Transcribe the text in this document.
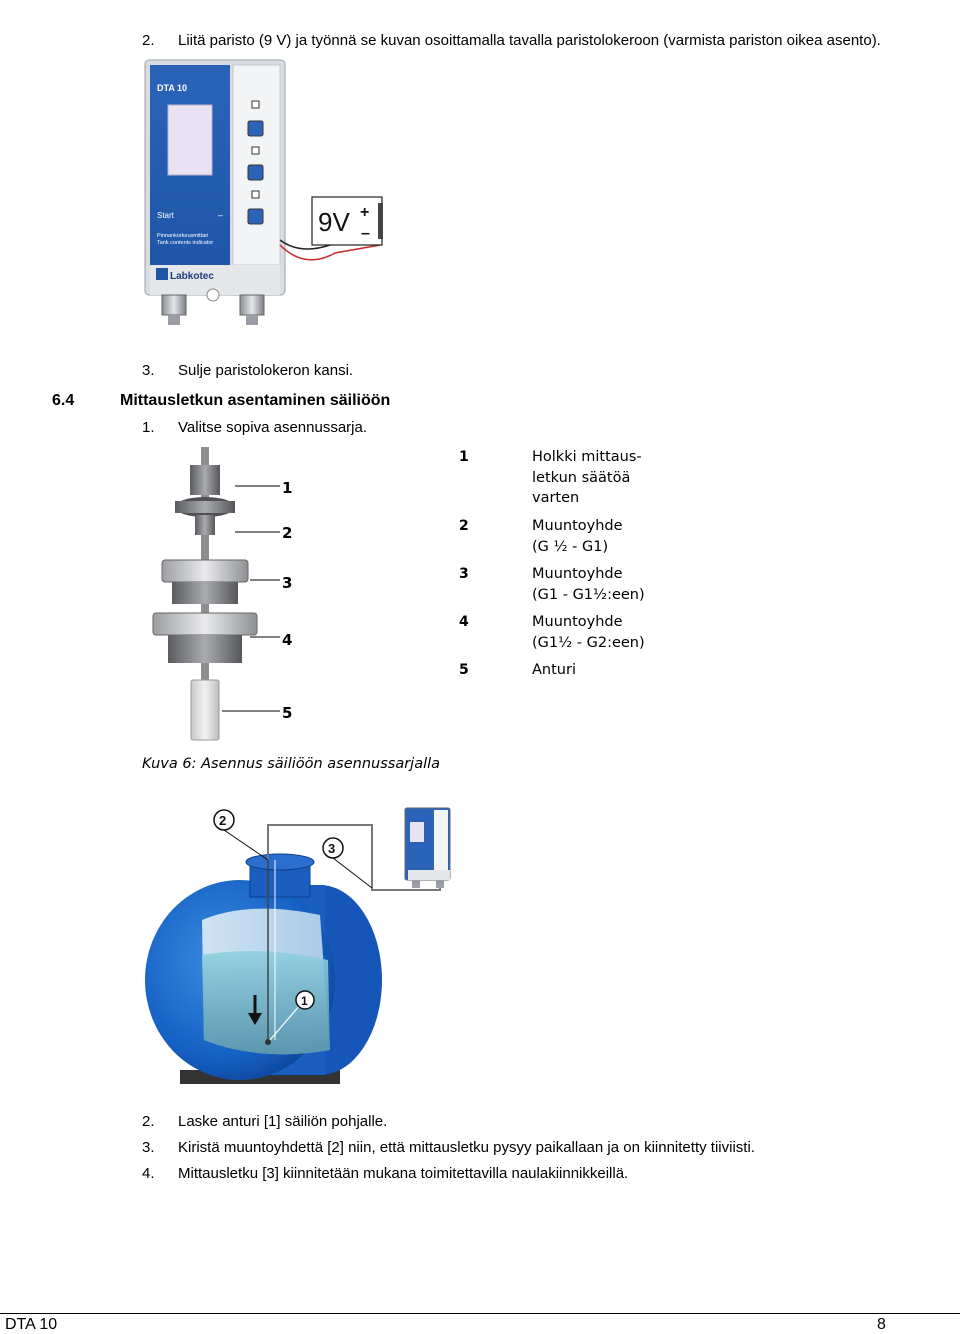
2. Liitä paristo (9 V) ja työnnä se kuvan osoittamalla tavalla paristolokeroon (varmista pariston oikea asento).
9V +
–
DTA 10
Start	–
Pinnankorkeusmittari
Tank contents indicator
Labkotec
3. Sulje paristolokeron kansi.
6.4	Mittausletkun asentaminen säiliöön
1. Valitse sopiva asennussarja.
1
2
3
4
5
1	Holkki mittaus-
letkun säätöä
varten
2	Muuntoyhde
(G ½ - G1)
3	Muuntoyhde
(G1 - G1½:een)
4	Muuntoyhde
(G1½ - G2:een)
5	Anturi
Kuva 6: Asennus säiliöön asennussarjalla
2
3
1
2. Laske anturi [1] säiliön pohjalle.
3. Kiristä muuntoyhdettä [2] niin, että mittausletku pysyy paikallaan ja on kiinnitetty tiiviisti.
4. Mittausletku [3] kiinnitetään mukana toimitettavilla naulakiinnikkeillä.
DTA 10	8
